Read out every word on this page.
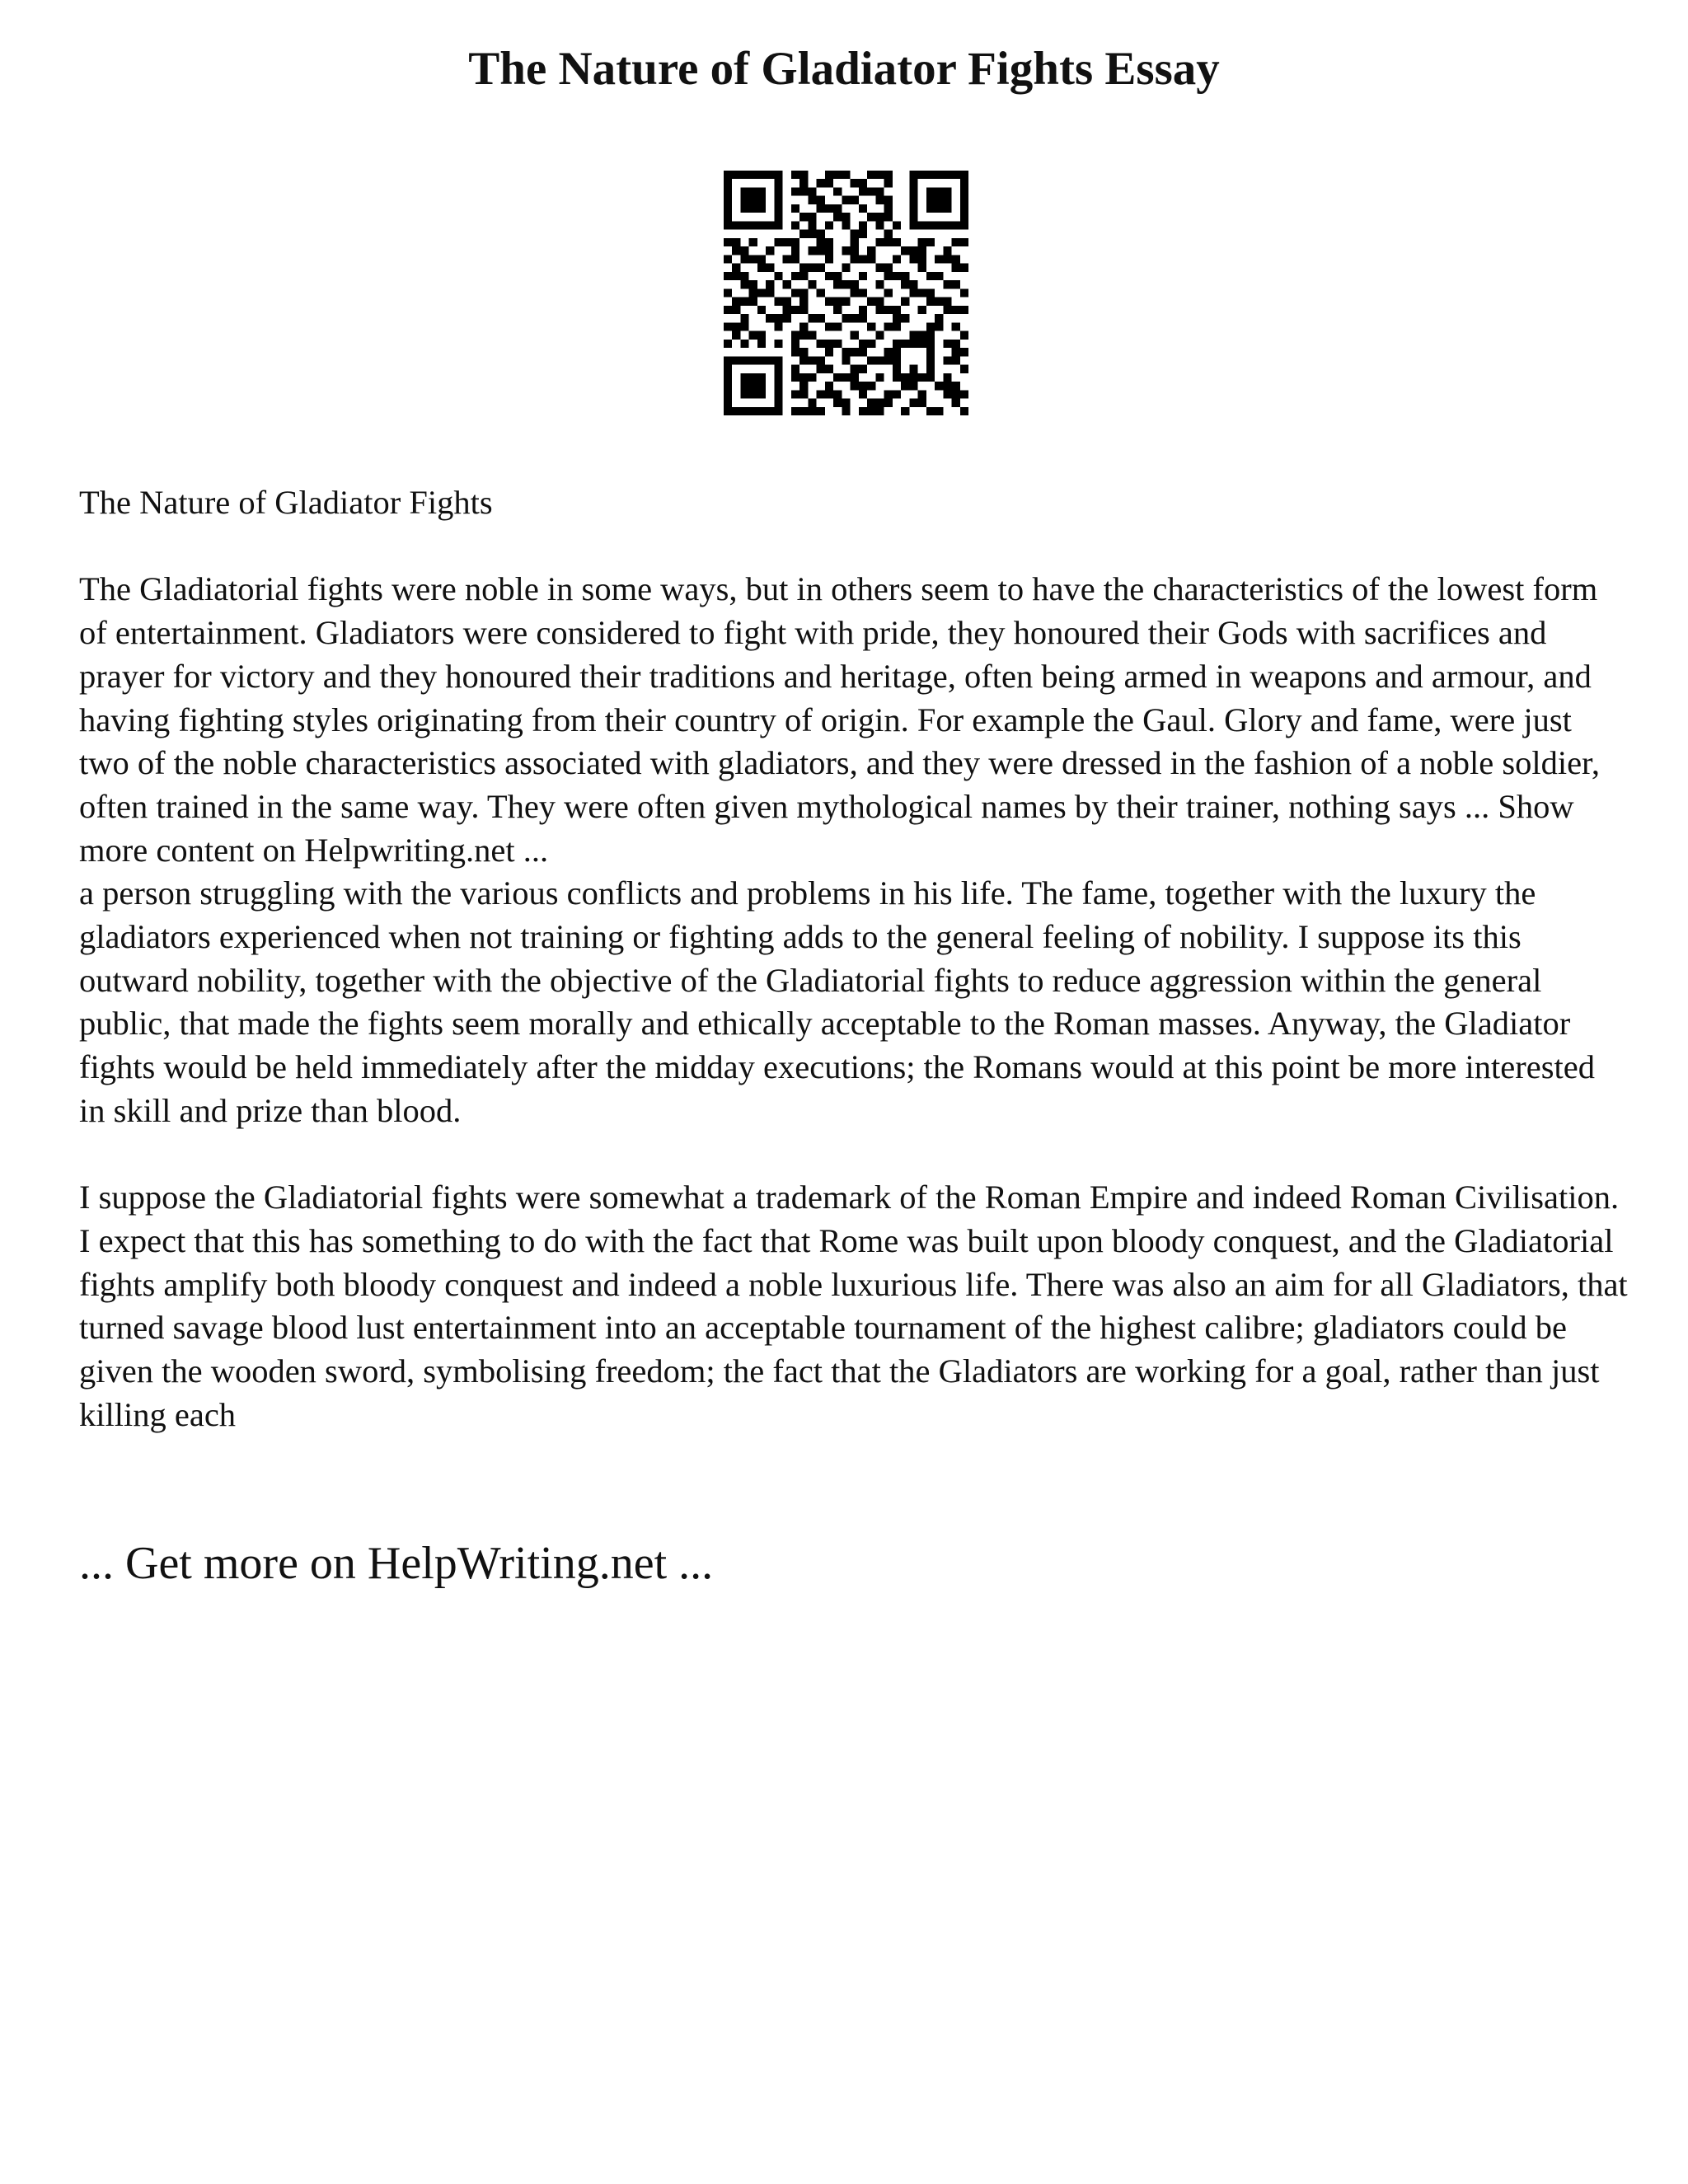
The Nature of Gladiator Fights Essay

The Nature of Gladiator Fights

The Gladiatorial fights were noble in some ways, but in others seem to have the characteristics of the lowest form of entertainment. Gladiators were considered to fight with pride, they honoured their Gods with sacrifices and prayer for victory and they honoured their traditions and heritage, often being armed in weapons and armour, and having fighting styles originating from their country of origin. For example the Gaul. Glory and fame, were just two of the noble characteristics associated with gladiators, and they were dressed in the fashion of a noble soldier, often trained in the same way. They were often given mythological names by their trainer, nothing says ... Show more content on Helpwriting.net ...

a person struggling with the various conflicts and problems in his life. The fame, together with the luxury the gladiators experienced when not training or fighting adds to the general feeling of nobility. I suppose its this outward nobility, together with the objective of the Gladiatorial fights to reduce aggression within the general public, that made the fights seem morally and ethically acceptable to the Roman masses. Anyway, the Gladiator fights would be held immediately after the midday executions; the Romans would at this point be more interested in skill and prize than blood.

I suppose the Gladiatorial fights were somewhat a trademark of the Roman Empire and indeed Roman Civilisation. I expect that this has something to do with the fact that Rome was built upon bloody conquest, and the Gladiatorial fights amplify both bloody conquest and indeed a noble luxurious life. There was also an aim for all Gladiators, that turned savage blood lust entertainment into an acceptable tournament of the highest calibre; gladiators could be given the wooden sword, symbolising freedom; the fact that the Gladiators are working for a goal, rather than just killing each

... Get more on HelpWriting.net ...
